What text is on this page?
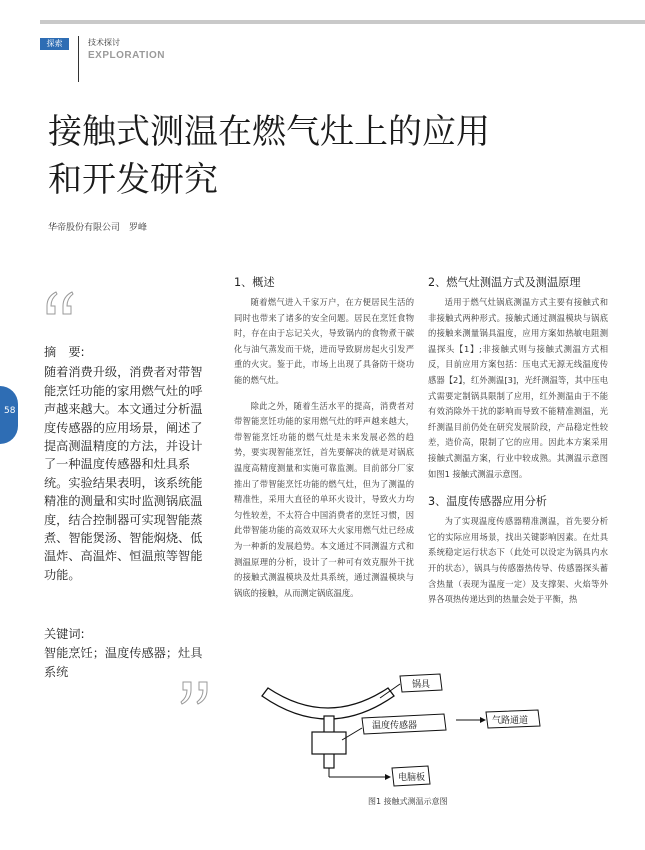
探索	技术探讨
EXPLORATION
接触式测温在燃气灶上的应用
和开发研究
华帝股份有限公司　罗峰
58

摘　要:

随着消费升级，消费者对带智能烹饪功能的家用燃气灶的呼声越来越大。本文通过分析温度传感器的应用场景，阐述了提高测温精度的方法，并设计了一种温度传感器和灶具系统。实验结果表明，该系统能精准的测量和实时监测锅底温度，结合控制器可实现智能蒸煮、智能煲汤、智能焖烧、低温炸、高温炸、恒温煎等智能功能。

关键词:

智能烹饪；温度传感器；灶具系统

1、概述

随着燃气进入千家万户，在方便居民生活的同时也带来了诸多的安全问题。居民在烹饪食物时，存在由于忘记关火，导致锅内的食物煮干碳化与油气蒸发而干烧，进而导致厨房起火引发严重的火灾。鉴于此，市场上出现了具备防干烧功能的燃气灶。

除此之外，随着生活水平的提高，消费者对带智能烹饪功能的家用燃气灶的呼声越来越大，带智能烹饪功能的燃气灶是未来发展必然的趋势，要实现智能烹饪，首先要解决的就是对锅底温度高精度测量和实施可靠监测。目前部分厂家推出了带智能烹饪功能的燃气灶，但为了测温的精准性，采用大直径的单环火设计，导致火力均匀性较差，不太符合中国消费者的烹饪习惯，因此带智能功能的高效双环大火家用燃气灶已经成为一种新的发展趋势。本文通过不同测温方式和测温原理的分析，设计了一种可有效克服外干扰的接触式测温模块及灶具系统，通过测温模块与锅底的接触，从而测定锅底温度。

2、燃气灶测温方式及测温原理

适用于燃气灶锅底测温方式主要有接触式和非接触式两种形式。接触式通过测温模块与锅底的接触来测量锅具温度，应用方案如热敏电阻测温探头【1】;非接触式则与接触式测温方式相反，目前应用方案包括：压电式无源无线温度传感器【2】，红外测温[3]，光纤测温等，其中压电式需要定制锅具限制了应用，红外测温由于不能有效消除外干扰的影响而导致不能精准测温，光纤测温目前仍处在研究发展阶段，产品稳定性较差，造价高，限制了它的应用。因此本方案采用接触式测温方案，行业中较成熟。其测温示意图如图1 接触式测温示意图。

3、温度传感器应用分析

为了实现温度传感器精准测温，首先要分析它的实际应用场景，找出关键影响因素。在灶具系统稳定运行状态下（此处可以设定为锅具内水开的状态），锅具与传感器热传导、传感器探头蓄含热量（表现为温度一定）及支撑架、火焰等外界各项热传递达到的热量会处于平衡，热

锅具
温度传感器	气路通道
电脑板
图1 接触式测温示意图
